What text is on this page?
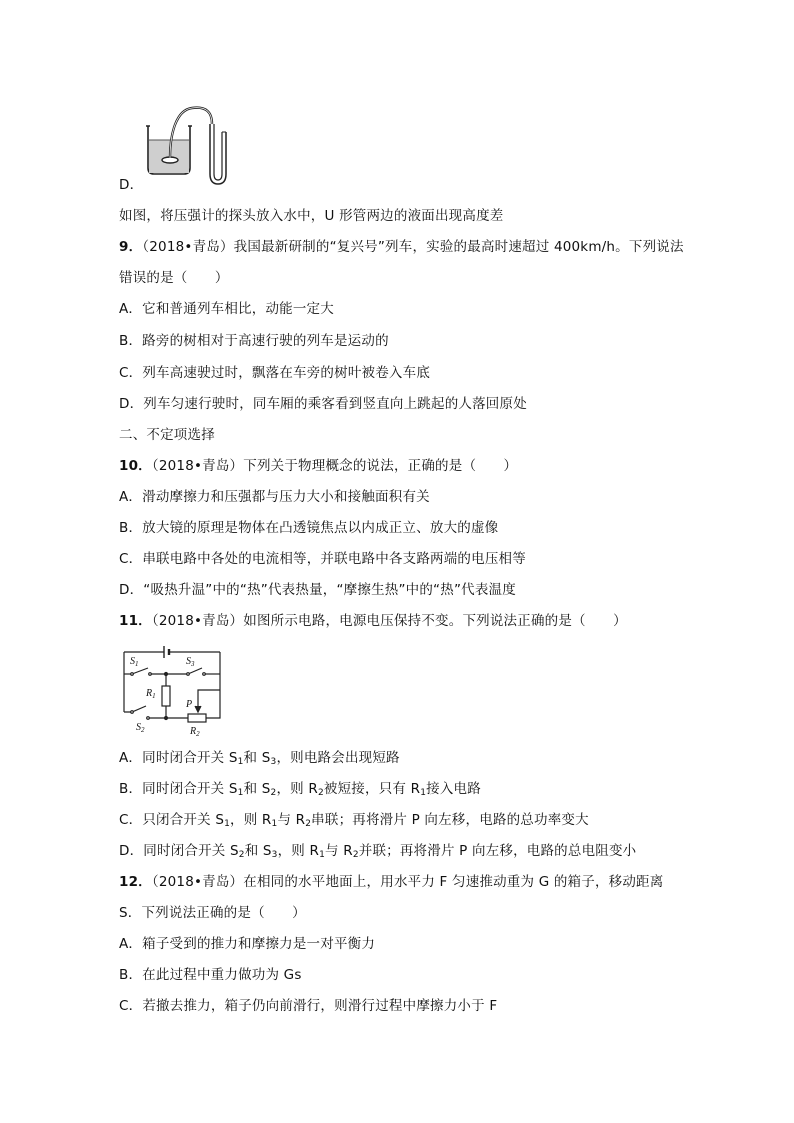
D．
如图，将压强计的探头放入水中，U 形管两边的液面出现高度差
9．（2018•青岛）我国最新研制的“复兴号”列车，实验的最高时速超过 400km/h。下列说法
错误的是（　　）
A．它和普通列车相比，动能一定大
B．路旁的树相对于高速行驶的列车是运动的
C．列车高速驶过时，飘落在车旁的树叶被卷入车底
D．列车匀速行驶时，同车厢的乘客看到竖直向上跳起的人落回原处
二、不定项选择
10．（2018•青岛）下列关于物理概念的说法，正确的是（　　）
A．滑动摩擦力和压强都与压力大小和接触面积有关
B．放大镜的原理是物体在凸透镜焦点以内成正立、放大的虚像
C．串联电路中各处的电流相等，并联电路中各支路两端的电压相等
D．“吸热升温”中的“热”代表热量，“摩擦生热”中的“热”代表温度
11．（2018•青岛）如图所示电路，电源电压保持不变。下列说法正确的是（　　）
$S_1$	$S_3$
$R_1$
$S_2$
P
$R_2$
A．同时闭合开关 $S_1$和 $S_3$，则电路会出现短路
B．同时闭合开关 $S_1$和 $S_2$，则 $R_2$被短接，只有 $R_1$接入电路
C．只闭合开关 $S_1$，则 $R_1$与 $R_2$串联；再将滑片 P 向左移，电路的总功率变大
D．同时闭合开关 $S_2$和 $S_3$，则 $R_1$与 $R_2$并联；再将滑片 P 向左移，电路的总电阻变小
12．（2018•青岛）在相同的水平地面上，用水平力 F 匀速推动重为 G 的箱子，移动距离
S．下列说法正确的是（　　）
A．箱子受到的推力和摩擦力是一对平衡力
B．在此过程中重力做功为 Gs
C．若撤去推力，箱子仍向前滑行，则滑行过程中摩擦力小于 F
